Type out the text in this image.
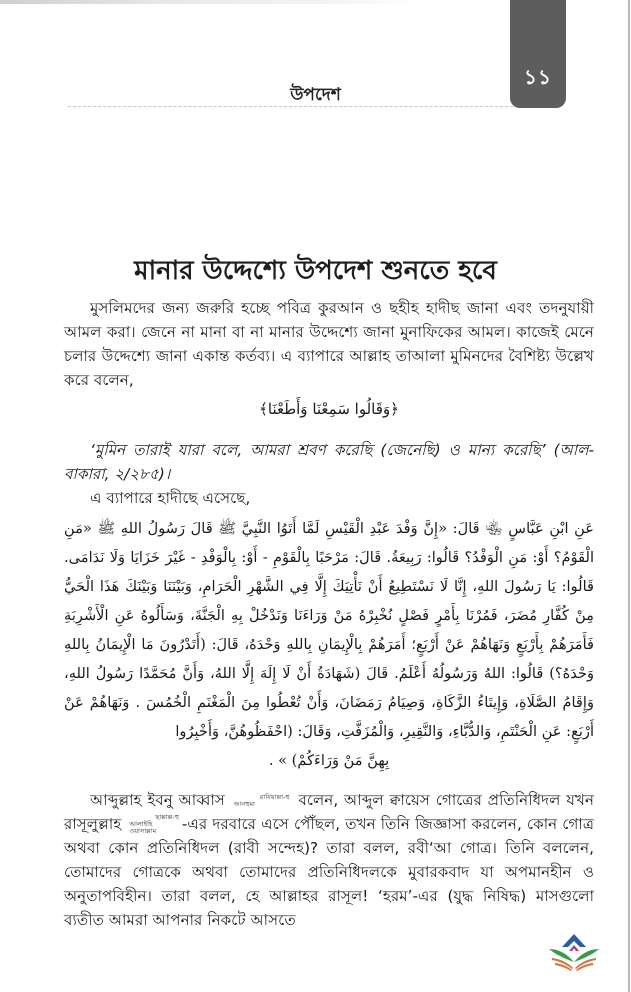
১১
উপদেশ
মানার উদ্দেশ্যে উপদেশ শুনতে হবে

মুসলিমদের জন্য জরুরি হচ্ছে পবিত্র কুরআন ও ছহীহ হাদীছ জানা এবং তদনুযায়ী আমল করা। জেনে না মানা বা না মানার উদ্দেশ্যে জানা মুনাফিকের আমল। কাজেই মেনে চলার উদ্দেশ্যে জানা একান্ত কর্তব্য। এ ব্যাপারে আল্লাহ তাআলা মুমিনদের বৈশিষ্ট্য উল্লেখ করে বলেন,

﴿وَقَالُوا سَمِعْنَا وَأَطَعْنَا﴾

‘মুমিন তারাই যারা বলে, আমরা শ্রবণ করেছি (জেনেছি) ও মান্য করেছি’ (আল-বাকারা, ২/২৮৫)।

এ ব্যাপারে হাদীছে এসেছে,

عَنِ ابْنِ عَبَّاسٍ ﵄ قَالَ: «إِنَّ وَفْدَ عَبْدِ الْقَيْسِ لَمَّا أَتَوُا النَّبِيَّ ﷺ قَالَ رَسُولُ اللهِ ﷺ «مَنِ الْقَوْمُ؟ أَوْ: مَنِ الْوَفْدُ؟ قَالُوا: رَبِيعَةُ. قَالَ: مَرْحَبًا بِالْقَوْمِ - أَوْ: بِالْوَفْدِ - غَيْرَ خَزَايَا وَلَا نَدَامَى. قَالُوا: يَا رَسُولَ اللهِ، إِنَّا لَا نَسْتَطِيعُ أَنْ نَأْتِيَكَ إِلَّا فِي الشَّهْرِ الْحَرَامِ، وَبَيْنَنَا وَبَيْنَكَ هَذَا الْحَيُّ مِنْ كُفَّارِ مُضَرَ، فَمُرْنَا بِأَمْرٍ فَصْلٍ نُخْبِرْهُ مَنْ وَرَاءَنَا وَنَدْخُلْ بِهِ الْجَنَّةَ، وَسَأَلُوهُ عَنِ الْأَشْرِبَةِ فَأَمَرَهُمْ بِأَرْبَعٍ وَنَهَاهُمْ عَنْ أَرْبَعٍ؛ أَمَرَهُمْ بِالْإِيمَانِ بِاللهِ وَحْدَهُ، قَالَ: (أَتَدْرُونَ مَا الْإِيمَانُ بِاللهِ وَحْدَهُ؟) قَالُوا: اللهُ وَرَسُولُهُ أَعْلَمُ. قَالَ (شَهَادَةُ أَنْ لَا إِلَهَ إِلَّا اللهُ، وَأَنَّ مُحَمَّدًا رَسُولُ اللهِ، وَإِقَامُ الصَّلَاةِ، وَإِيتَاءُ الزَّكَاةِ، وَصِيَامُ رَمَضَانَ، وَأَنْ تُعْطُوا مِنَ الْمَغْنَمِ الْخُمُسَ . وَنَهَاهُمْ عَنْ أَرْبَعٍ: عَنِ الْحَنْتَمِ، وَالدُّبَّاءِ، وَالنَّقِيرِ، وَالْمُزَفَّتِ، وَقَالَ: (احْفَظُوهُنَّ، وَأَخْبِرُوا
بِهِنَّ مَنْ وَرَاءَكُمْ) » .

আব্দুল্লাহ ইবনু আব্বাস	রাযিয়াল্লা-হু
আনহুমা	বলেন, আব্দুল ক্বায়েস গোত্রের প্রতিনিধিদল যখন রাসূলুল্লাহ	ছাল্লাল্ল-হু
আলাইহি
ওয়াসাল্লাম -এর দরবারে এসে পৌঁছল, তখন তিনি জিজ্ঞাসা করলেন, কোন গোত্র অথবা কোন প্রতিনিধিদল (রাবী সন্দেহ)? তারা বলল, রবী‘আ গোত্র। তিনি বললেন, তোমাদের গোত্রকে অথবা তোমাদের প্রতিনিধিদলকে মুবারকবাদ যা অপমানহীন ও অনুতাপবিহীন। তারা বলল, হে আল্লাহর রাসূল! ‘হরম’-এর (যুদ্ধ নিষিদ্ধ) মাসগুলো ব্যতীত আমরা আপনার নিকটে আসতে
